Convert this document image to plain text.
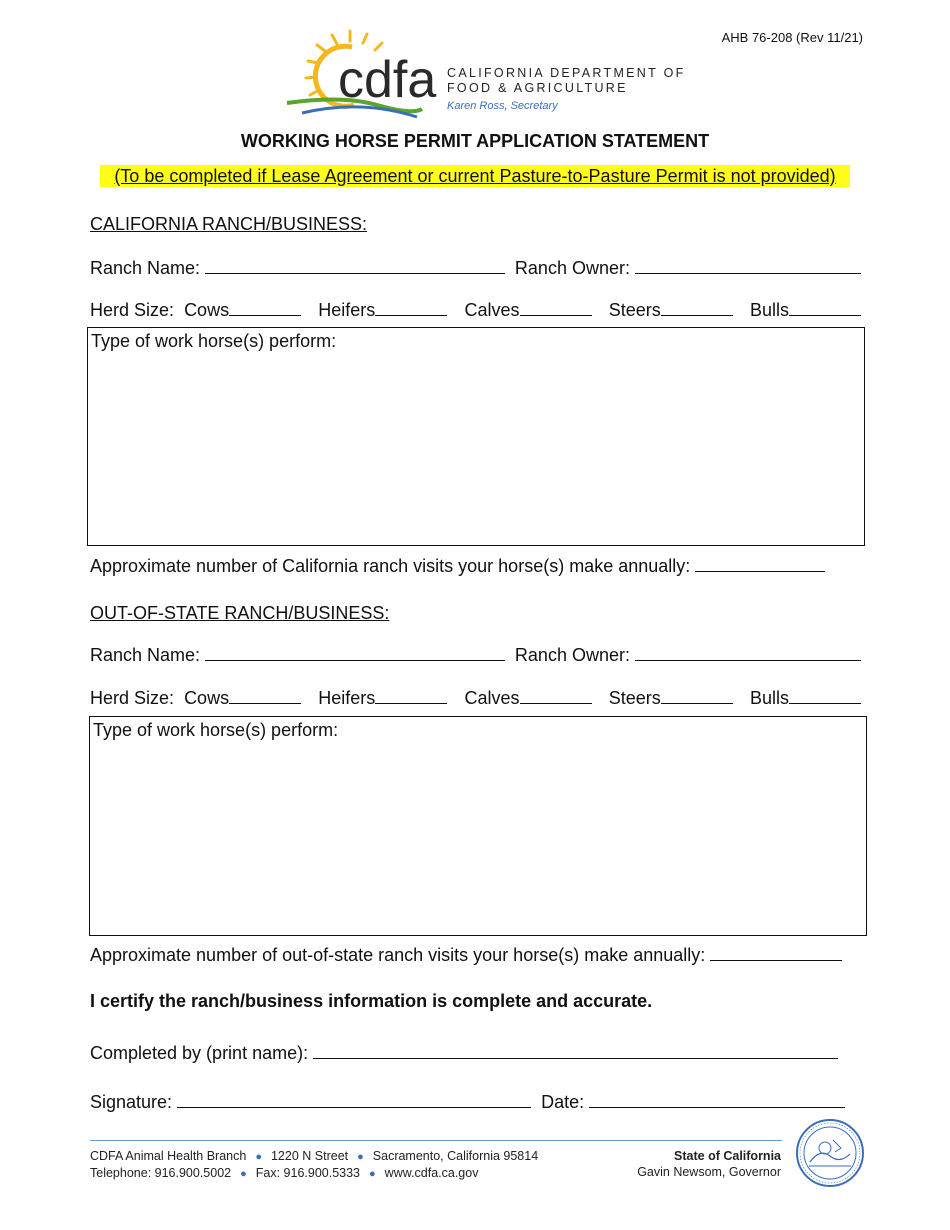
AHB 76-208 (Rev 11/21)
cdfa CALIFORNIA DEPARTMENT OF
FOOD & AGRICULTURE
Karen Ross, Secretary
WORKING HORSE PERMIT APPLICATION STATEMENT
(To be completed if Lease Agreement or current Pasture-to-Pasture Permit is not provided)
CALIFORNIA RANCH/BUSINESS:
Ranch Name:	Ranch Owner:
Herd Size: Cows	Heifers	Calves	Steers	Bulls
Type of work horse(s) perform:
Approximate number of California ranch visits your horse(s) make annually:
OUT-OF-STATE RANCH/BUSINESS:
Ranch Name:	Ranch Owner:
Herd Size: Cows	Heifers	Calves	Steers	Bulls
Type of work horse(s) perform:
Approximate number of out-of-state ranch visits your horse(s) make annually:
I certify the ranch/business information is complete and accurate.
Completed by (print name):
Signature:	Date:
CDFA Animal Health Branch ● 1220 N Street ● Sacramento, California 95814
Telephone: 916.900.5002 ● Fax: 916.900.5333 ● www.cdfa.ca.gov
State of California
Gavin Newsom, Governor
